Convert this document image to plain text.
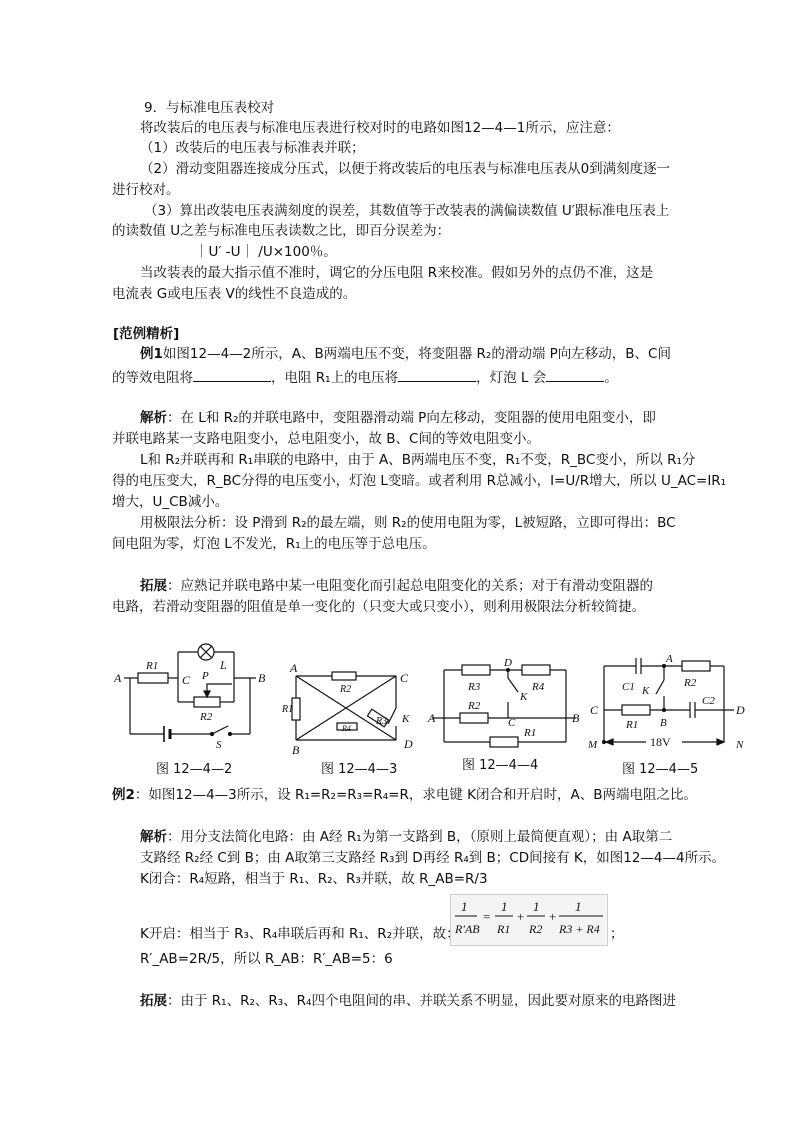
9．与标准电压表校对
将改装后的电压表与标准电压表进行校对时的电路如图12—4—1所示，应注意：
（1）改装后的电压表与标准表并联；
（2）滑动变阻器连接成分压式，以便于将改装后的电压表与标准电压表从0到满刻度逐一
进行校对。
（3）算出改装电压表满刻度的误差，其数值等于改装表的满偏读数值 U′跟标准电压表上
的读数值 U之差与标准电压表读数之比，即百分误差为：
｜U′ -U｜ /U×100％。
当改装表的最大指示值不准时，调它的分压电阻 R来校准。假如另外的点仍不准，这是
电流表 G或电压表 V的线性不良造成的。
[范例精析]
例1如图12—4—2所示，A、B两端电压不变，将变阻器 R₂的滑动端 P向左移动，B、C间
的等效电阻将	，电阻 R₁上的电压将	，灯泡 L 会	。
解析：在 L和 R₂的并联电路中，变阻器滑动端 P向左移动，变阻器的使用电阻变小，即
并联电路某一支路电阻变小，总电阻变小，故 B、C间的等效电阻变小。
L和 R₂并联再和 R₁串联的电路中，由于 A、B两端电压不变，R₁不变，R_BC变小，所以 R₁分
得的电压变大，R_BC分得的电压变小，灯泡 L变暗。或者利用 R总减小，I=U/R增大，所以 U_AC=IR₁
增大，U_CB减小。
用极限法分析：设 P滑到 R₂的最左端，则 R₂的使用电阻为零，L被短路，立即可得出：BC
间电阻为零，灯泡 L不发光，R₁上的电压等于总电压。
拓展：应熟记并联电路中某一电阻变化而引起总电阻变化的关系；对于有滑动变阻器的
电路，若滑动变阻器的阻值是单一变化的（只变大或只变小），则利用极限法分析较简捷。
A
R1	L
C
R2
P	B
S
图 12—4—2
A
C
B	D
R2
R1
R4
R3 K
图 12—4—3
A	B
R3	R4
D
K
R2
C
R1
图 12—4—4
C	D
C1
A
R2
K
R1 B
C2
M	18V	N
图 12—4—5
例2：如图12—4—3所示，设 R₁=R₂=R₃=R₄=R，求电键 K闭合和开启时，A、B两端电阻之比。
解析：用分支法简化电路：由 A经 R₁为第一支路到 B，（原则上最简便直观）；由 A取第二
支路经 R₂经 C到 B；由 A取第三支路经 R₃到 D再经 R₄到 B；CD间接有 K，如图12—4—4所示。
K闭合：R₄短路，相当于 R₁、R₂、R₃并联，故 R_AB=R/3
K开启：相当于 R₃、R₄串联后再和 R₁、R₂并联，故：
1
R′AB
=
1
R1
+
1
R2
+
1
R3 + R4 ；
R′_AB=2R/5，所以 R_AB：R′_AB=5：6
拓展：由于 R₁、R₂、R₃、R₄四个电阻间的串、并联关系不明显，因此要对原来的电路图进
